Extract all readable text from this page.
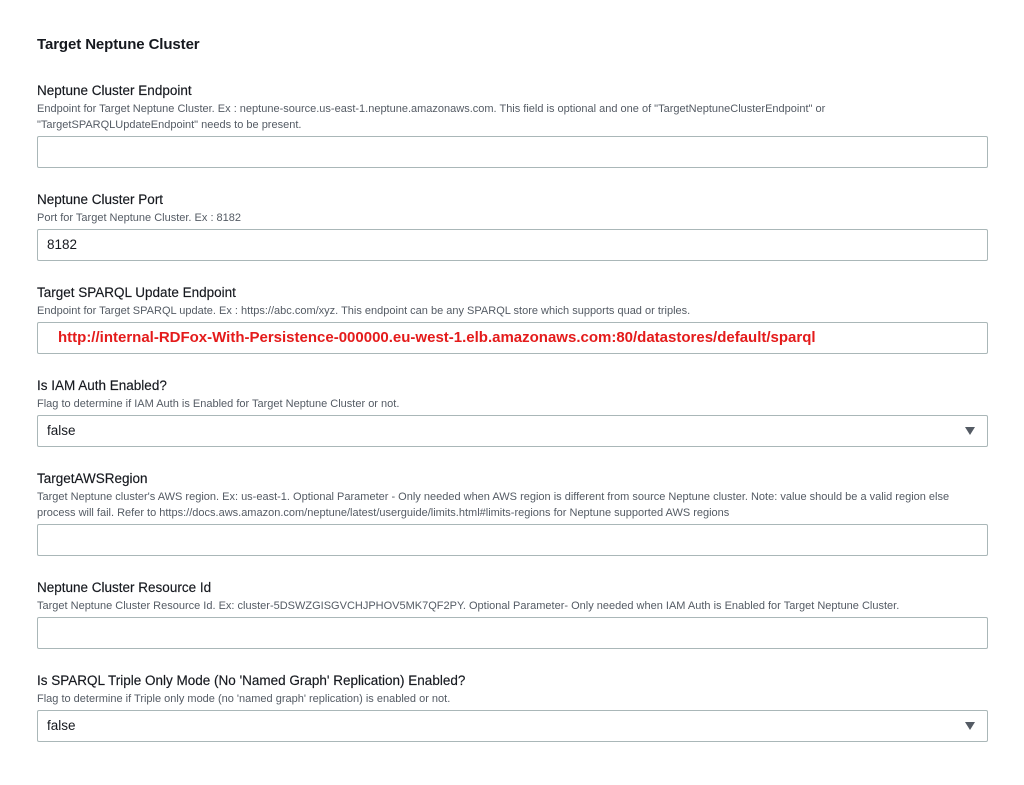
Target Neptune Cluster
Neptune Cluster Endpoint
Endpoint for Target Neptune Cluster. Ex : neptune-source.us-east-1.neptune.amazonaws.com. This field is optional and one of "TargetNeptuneClusterEndpoint" or "TargetSPARQLUpdateEndpoint" needs to be present.
Neptune Cluster Port
Port for Target Neptune Cluster. Ex : 8182
8182
Target SPARQL Update Endpoint
Endpoint for Target SPARQL update. Ex : https://abc.com/xyz. This endpoint can be any SPARQL store which supports quad or triples.
http://internal-RDFox-With-Persistence-000000.eu-west-1.elb.amazonaws.com:80/datastores/default/sparql
Is IAM Auth Enabled?
Flag to determine if IAM Auth is Enabled for Target Neptune Cluster or not.
false
TargetAWSRegion
Target Neptune cluster's AWS region. Ex: us-east-1. Optional Parameter - Only needed when AWS region is different from source Neptune cluster. Note: value should be a valid region else process will fail. Refer to https://docs.aws.amazon.com/neptune/latest/userguide/limits.html#limits-regions for Neptune supported AWS regions
Neptune Cluster Resource Id
Target Neptune Cluster Resource Id. Ex: cluster-5DSWZGISGVCHJPHOV5MK7QF2PY. Optional Parameter- Only needed when IAM Auth is Enabled for Target Neptune Cluster.
Is SPARQL Triple Only Mode (No 'Named Graph' Replication) Enabled?
Flag to determine if Triple only mode (no 'named graph' replication) is enabled or not.
false
